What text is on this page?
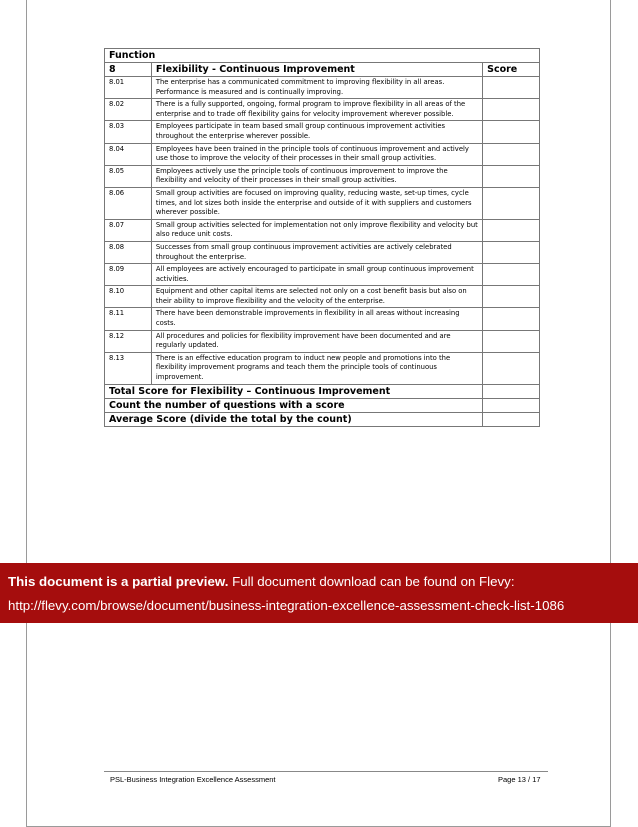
Function		
8	Flexibility - Continuous Improvement	Score
8.01	The enterprise has a communicated commitment to improving flexibility in all areas. Performance is measured and is continually improving.	
8.02	There is a fully supported, ongoing, formal program to improve flexibility in all areas of the enterprise and to trade off flexibility gains for velocity improvement wherever possible.	
8.03	Employees participate in team based small group continuous improvement activities throughout the enterprise wherever possible.	
8.04	Employees have been trained in the principle tools of continuous improvement and actively use those to improve the velocity of their processes in their small group activities.	
8.05	Employees actively use the principle tools of continuous improvement to improve the flexibility and velocity of their processes in their small group activities.	
8.06	Small group activities are focused on improving quality, reducing waste, set-up times, cycle times, and lot sizes both inside the enterprise and outside of it with suppliers and customers wherever possible.	
8.07	Small group activities selected for implementation not only improve flexibility and velocity but also reduce unit costs.	
8.08	Successes from small group continuous improvement activities are actively celebrated throughout the enterprise.	
8.09	All employees are actively encouraged to participate in small group continuous improvement activities.	
8.10	Equipment and other capital items are selected not only on a cost benefit basis but also on their ability to improve flexibility and the velocity of the enterprise.	
8.11	There have been demonstrable improvements in flexibility in all areas without increasing costs.	
8.12	All procedures and policies for flexibility improvement have been documented and are regularly updated.	
8.13	There is an effective education program to induct new people and promotions into the flexibility improvement programs and teach them the principle tools of continuous improvement.	
Total Score for Flexibility – Continuous Improvement		
Count the number of questions with a score		
Average Score (divide the total by the count)		
This document is a partial preview. Full document download can be found on Flevy:
http://flevy.com/browse/document/business-integration-excellence-assessment-check-list-1086
PSL-Business Integration Excellence Assessment	Page 13 / 17
